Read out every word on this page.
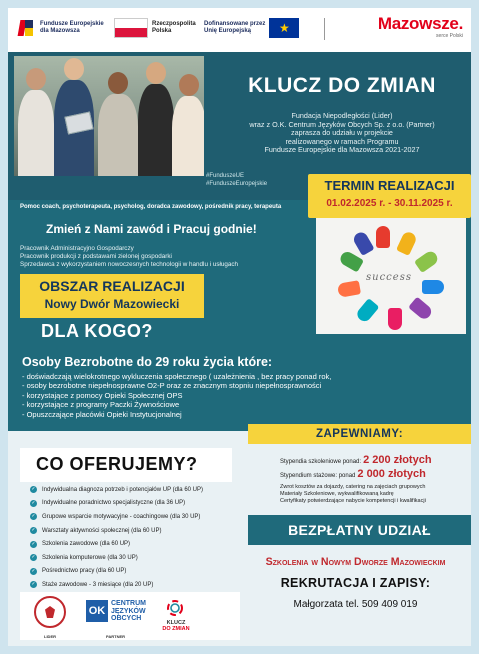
Fundusze Europejskie
dla Mazowsza
Rzeczpospolita
Polska
Dofinansowane przez
Unię Europejską	★	Mazowsze.
serce Polski
KLUCZ DO ZMIAN
Fundacja Niepodległości (Lider)
wraz z O.K. Centrum Języków Obcych Sp. z o.o. (Partner)
zaprasza do udziału w projekcie
realizowanego w ramach Programu
Fundusze Europejskie dla Mazowsza 2021-2027
#FunduszeUE
#FunduszeEuropejskie	TERMIN REALIZACJI
01.02.2025 r. - 30.11.2025 r.
Pomoc coach, psychoterapeuta, psycholog, doradca zawodowy, pośrednik pracy, terapeuta
Zmień z Nami zawód i Pracuj godnie!
Pracownik Administracyjno Gospodarczy
Pracownik produkcji z podstawami zielonej gospodarki
Sprzedawca z wykorzystaniem nowoczesnych technologii w handlu i usługach
success
OBSZAR REALIZACJI
Nowy Dwór Mazowiecki
DLA KOGO?
Osoby Bezrobotne do 29 roku życia które:
- doświadczają wielokrotnego wykluczenia społecznego ( uzależnienia , bez pracy ponad rok,
- osoby bezrobotne niepełnosprawne O2-P oraz ze znacznym stopniu niepełnosprawności
- korzystające z pomocy Opieki Społecznej OPS
- korzystające z programy Paczki Żywnościowe
- Opuszczające placówki Opieki Instytucjonalnej
CO OFERUJEMY?
✓ Indywidualna diagnoza potrzeb i potencjałów UP (dla 60 UP)
✓ Indywidualne poradnictwo specjalistyczne (dla 36 UP)
✓ Grupowe wsparcie motywacyjne - coachingowe (dla 30 UP)
✓ Warsztaty aktywności społecznej (dla 60 UP)
✓ Szkolenia zawodowe (dla 60 UP)
✓ Szkolenia komputerowe (dla 30 UP)
✓ Pośrednictwo pracy (dla 60 UP)
✓ Staże zawodowe - 3 miesiące (dla 20 UP)
ZAPEWNIAMY:
Stypendia szkoleniowe ponad: 2 200 złotych
Stypendium stażowe: ponad 2 000 złotych
Zwrot kosztów za dojazdy, catering na zajęciach grupowych
Materiały Szkoleniowe, wykwalifikowaną kadrę
Certyfikaty potwierdzające nabycie kompetencji i kwalifikacji
BEZPŁATNY UDZIAŁ
Szkolenia w Nowym Dworze Mazowieckim
REKRUTACJA I ZAPISY:
Małgorzata tel. 509 409 019
LIDER
OK
CENTRUM
JĘZYKÓW
OBCYCH
PARTNER
KLUCZ
DO ZMIAN
